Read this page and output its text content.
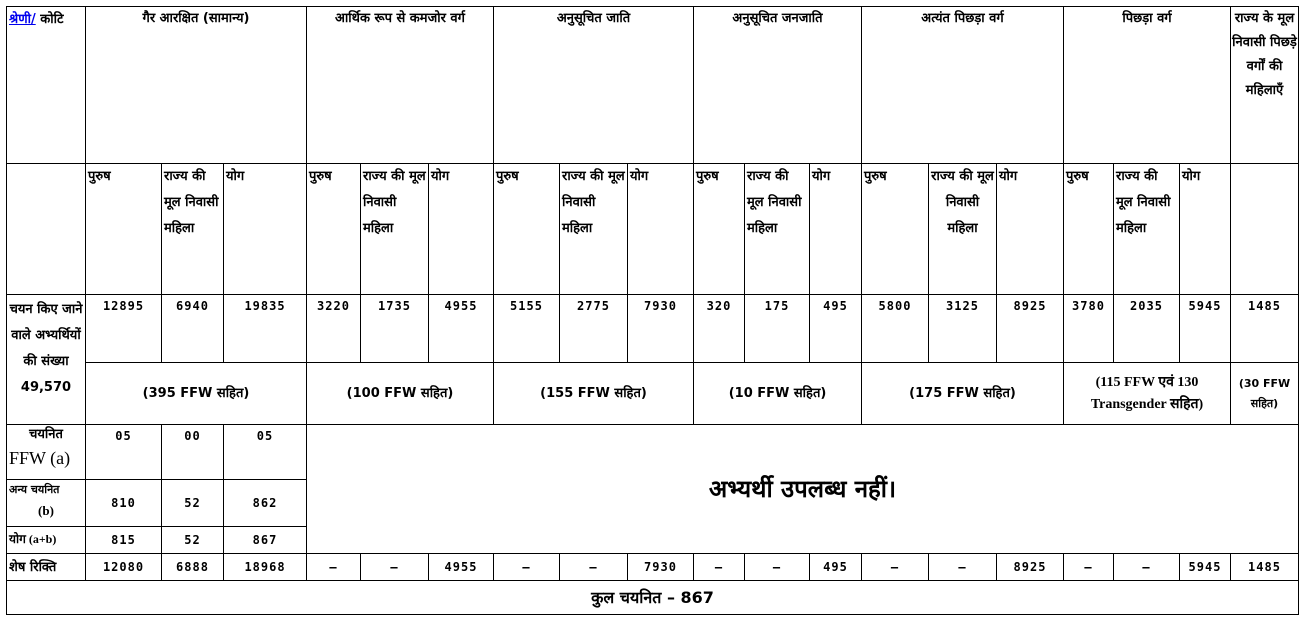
श्रेणी/ कोटि	गैर आरक्षित (सामान्य)			आर्थिक रूप से कमजोर वर्ग			अनुसूचित जाति			अनुसूचित जनजाति			अत्यंत पिछड़ा वर्ग			पिछड़ा वर्ग			राज्य के मूल निवासी पिछड़े वर्गों की महिलाएँ
	पुरुष	राज्य की मूल निवासी महिला	योग	पुरुष	राज्य की मूल निवासी महिला	योग	पुरुष	राज्य की मूल निवासी महिला	योग	पुरुष	राज्य की मूल निवासी महिला	योग	पुरुष	राज्य की मूल निवासी महिला	योग	पुरुष	राज्य की मूल निवासी महिला	योग	
चयन किए जाने वाले अभ्यर्थियों की संख्या 49,570	12895	6940	19835	3220	1735	4955	5155	2775	7930	320	175	495	5800	3125	8925	3780	2035	5945	1485
	(395 FFW सहित)			(100 FFW सहित)			(155 FFW सहित)			(10 FFW सहित)			(175 FFW सहित)			(115 FFW एवं 130 Transgender सहित)			(30 FFW सहित)

चयनित
FFW (a)	05	00	05	अभ्यर्थी उपलब्ध नहीं।															

अन्य चयनित
(b)	810	52	862																
योग (a+b)	815	52	867																
शेष रिक्ति	12080	6888	18968	–	–	4955	–	–	7930	–	–	495	–	–	8925	–	–	5945	1485
कुल चयनित – 867																			
